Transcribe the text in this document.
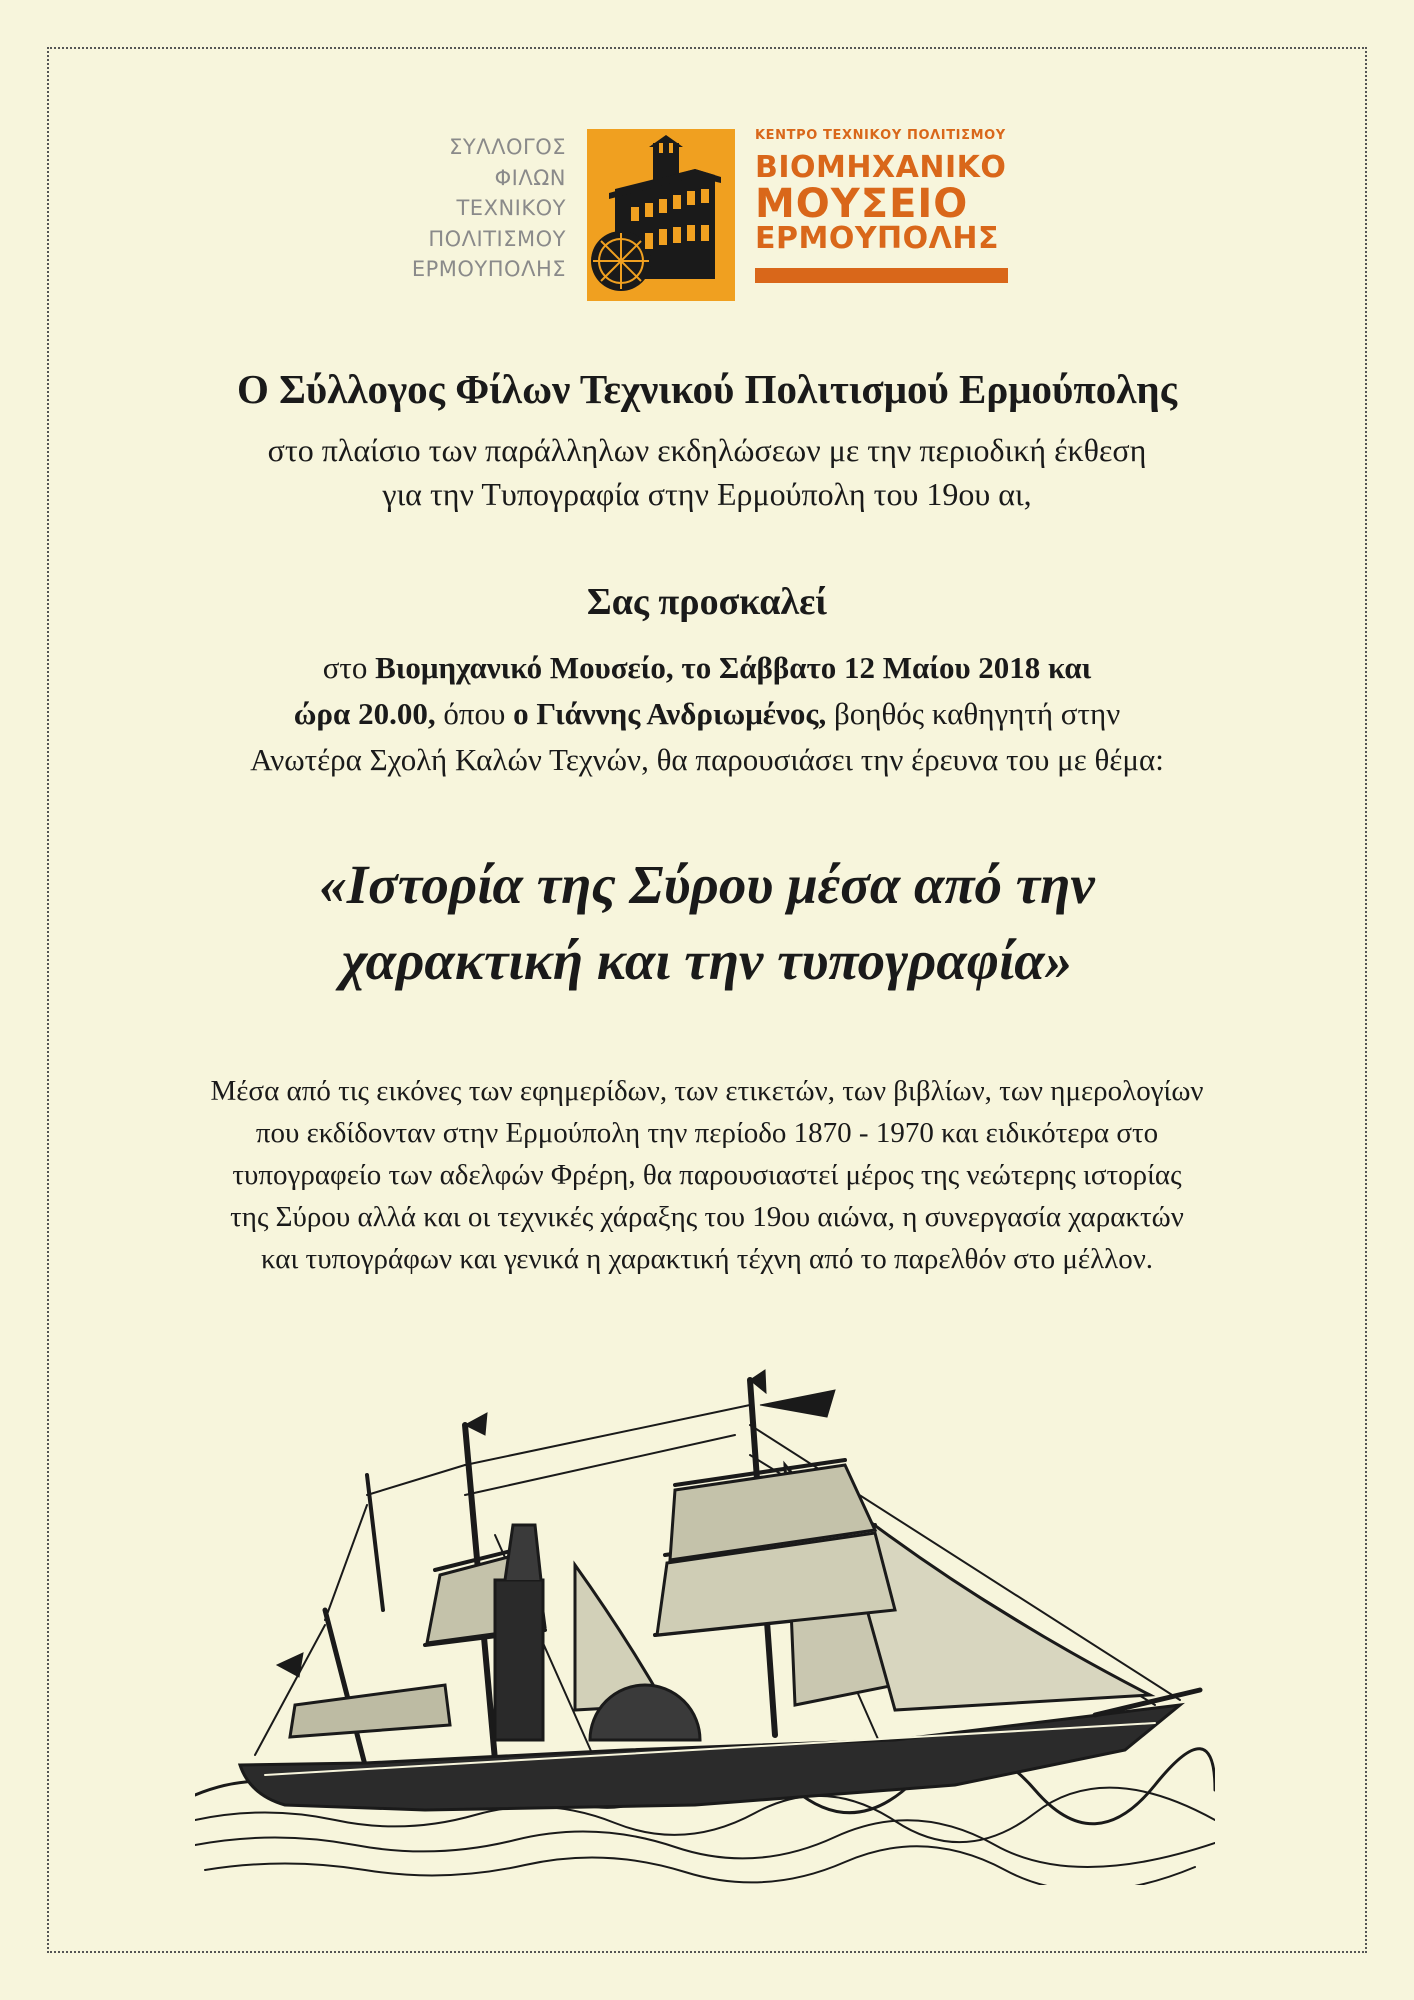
ΣΥΛΛΟΓΟΣ
ΦΙΛΩΝ
ΤΕΧΝΙΚΟΥ
ΠΟΛΙΤΙΣΜΟΥ
ΕΡΜΟΥΠΟΛΗΣ
ΚΕΝΤΡΟ ΤΕΧΝΙΚΟΥ ΠΟΛΙΤΙΣΜΟΥ
ΒΙΟΜΗΧΑΝΙΚΟ
ΜΟΥΣΕΙΟ
ΕΡΜΟΥΠΟΛΗΣ
Ο Σύλλογος Φίλων Τεχνικού Πολιτισμού Ερμούπολης
στο πλαίσιο των παράλληλων εκδηλώσεων με την περιοδική έκθεση
για την Τυπογραφία στην Ερμούπολη του 19ου αι,
Σας προσκαλεί
στο Βιομηχανικό Μουσείο, το Σάββατο 12 Μαίου 2018 και
ώρα 20.00, όπου ο Γιάννης Ανδριωμένος, βοηθός καθηγητή στην
Ανωτέρα Σχολή Καλών Τεχνών, θα παρουσιάσει την έρευνα του με θέμα:
«Ιστορία της Σύρου μέσα από την
χαρακτική και την τυπογραφία»
Μέσα από τις εικόνες των εφημερίδων, των ετικετών, των βιβλίων, των ημερολογίων
που εκδίδονταν στην Ερμούπολη την περίοδο 1870 - 1970 και ειδικότερα στο
τυπογραφείο των αδελφών Φρέρη, θα παρουσιαστεί μέρος της νεώτερης ιστορίας
της Σύρου αλλά και οι τεχνικές χάραξης του 19ου αιώνα, η συνεργασία χαρακτών
και τυπογράφων και γενικά η χαρακτική τέχνη από το παρελθόν στο μέλλον.
